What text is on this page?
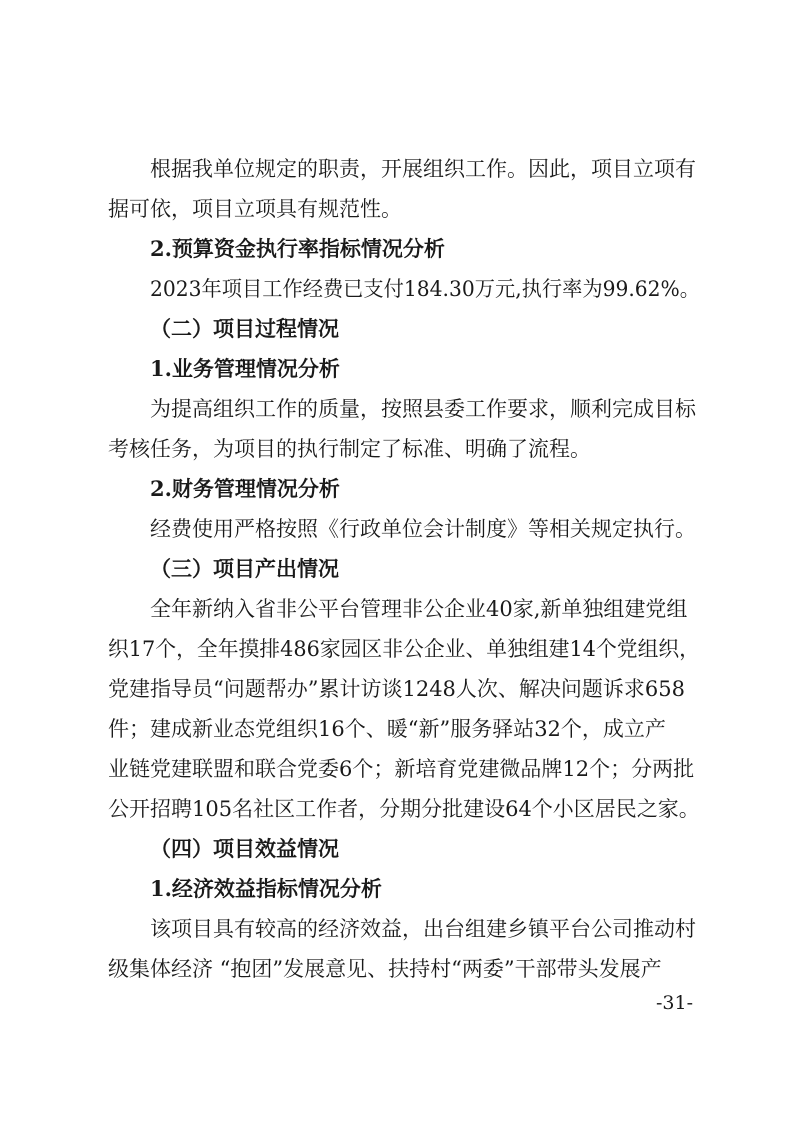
根据我单位规定的职责，开展组织工作。因此，项目立项有
据可依，项目立项具有规范性。
2.预算资金执行率指标情况分析
2023年项目工作经费已支付184.30万元,执行率为99.62%。
（二）项目过程情况
1.业务管理情况分析
为提高组织工作的质量，按照县委工作要求，顺利完成目标
考核任务，为项目的执行制定了标准、明确了流程。
2.财务管理情况分析
经费使用严格按照《行政单位会计制度》等相关规定执行。
（三）项目产出情况
全年新纳入省非公平台管理非公企业40家,新单独组建党组
织17个，全年摸排486家园区非公企业、单独组建14个党组织，
党建指导员“问题帮办”累计访谈1248人次、解决问题诉求658
件；建成新业态党组织16个、暖“新”服务驿站32个，成立产
业链党建联盟和联合党委6个；新培育党建微品牌12个；分两批
公开招聘105名社区工作者，分期分批建设64个小区居民之家。
（四）项目效益情况
1.经济效益指标情况分析
该项目具有较高的经济效益，出台组建乡镇平台公司推动村
级集体经济 “抱团”发展意见、扶持村“两委”干部带头发展产
-31-
